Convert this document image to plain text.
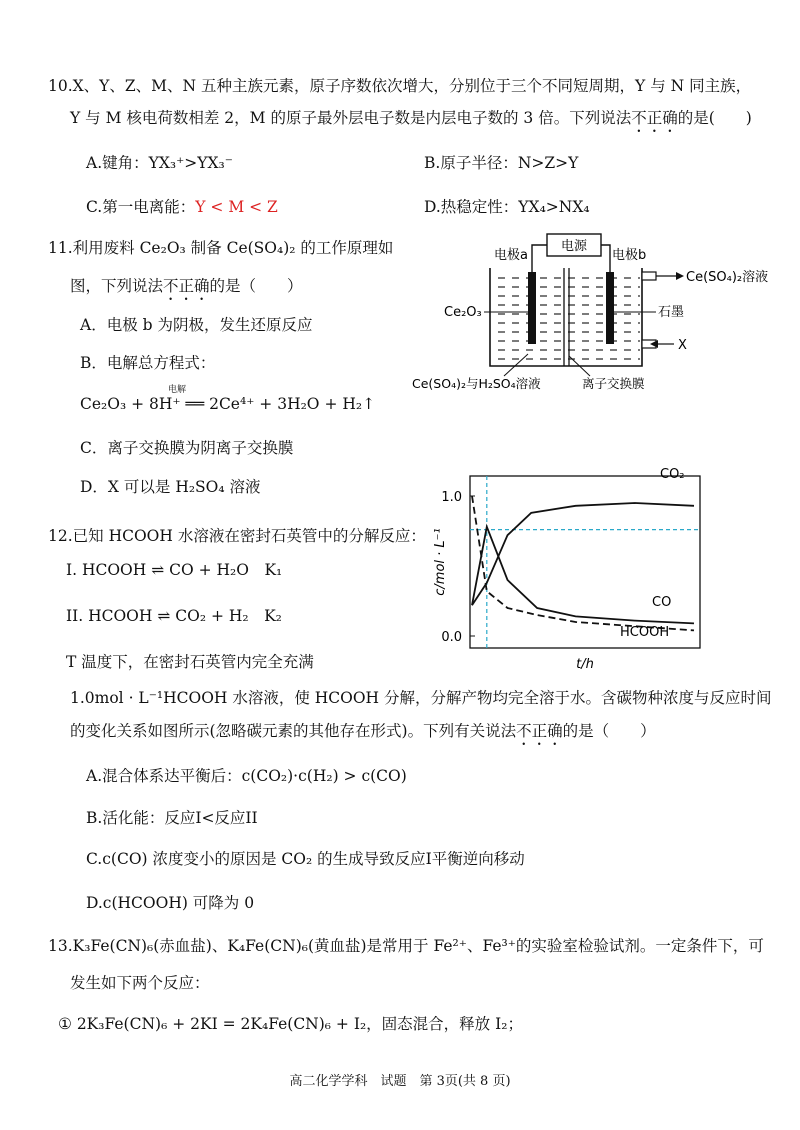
10.X、Y、Z、M、N 五种主族元素，原子序数依次增大，分别位于三个不同短周期，Y 与 N 同主族，
Y 与 M 核电荷数相差 2，M 的原子最外层电子数是内层电子数的 3 倍。下列说法不正确的是(　　)
A.键角：YX₃⁺>YX₃⁻	B.原子半径：N>Z>Y
C.第一电离能：Y < M < Z	D.热稳定性：YX₄>NX₄
11.利用废料 Ce₂O₃ 制备 Ce(SO₄)₂ 的工作原理如
图，下列说法不正确的是（　　）
A．电极 b 为阴极，发生还原反应
B．电解总方程式：
电解
Ce₂O₃ + 8H⁺ ══ 2Ce⁴⁺ + 3H₂O + H₂↑
C．离子交换膜为阴离子交换膜
D．X 可以是 H₂SO₄ 溶液
电源
电极a	电极b
Ce(SO₄)₂溶液
石墨
Ce₂O₃
X
Ce(SO₄)₂与H₂SO₄溶液	离子交换膜
12.已知 HCOOH 水溶液在密封石英管中的分解反应：
I. HCOOH ⇌ CO + H₂O　K₁
II. HCOOH ⇌ CO₂ + H₂　K₂
T 温度下，在密封石英管内完全充满
1.0mol · L⁻¹HCOOH 水溶液，使 HCOOH 分解，分解产物均完全溶于水。含碳物种浓度与反应时间
的变化关系如图所示(忽略碳元素的其他存在形式)。下列有关说法不正确的是（　　）
A.混合体系达平衡后：c(CO₂)·c(H₂) > c(CO)
B.活化能：反应I<反应II
C.c(CO) 浓度变小的原因是 CO₂ 的生成导致反应I平衡逆向移动
D.c(HCOOH) 可降为 0
1.0
0.0
c/mol · L⁻¹
t/h
CO₂
CO
HCOOH
13.K₃Fe(CN)₆(赤血盐)、K₄Fe(CN)₆(黄血盐)是常用于 Fe²⁺、Fe³⁺的实验室检验试剂。一定条件下，可
发生如下两个反应：
① 2K₃Fe(CN)₆ + 2KI = 2K₄Fe(CN)₆ + I₂，固态混合，释放 I₂；
高二化学学科　试题　第 3页(共 8 页)
